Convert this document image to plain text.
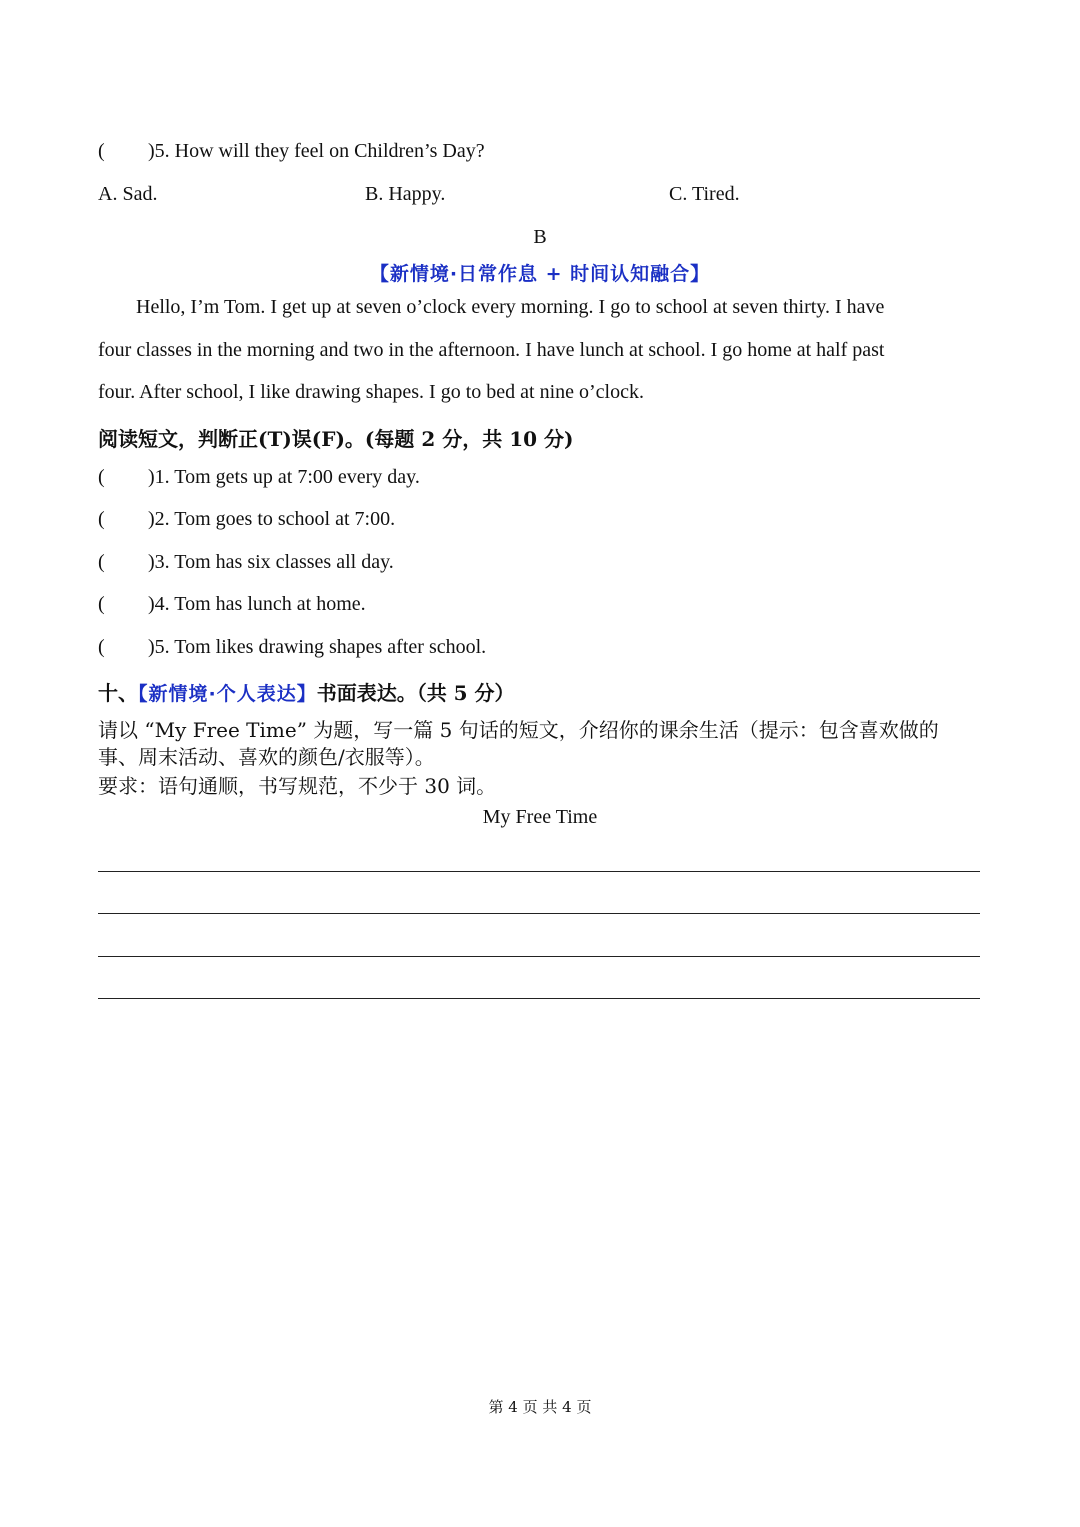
( )5. How will they feel on Children’s Day?
A. Sad.	B. Happy.	C. Tired.
B
【新情境·日常作息 + 时间认知融合】
Hello, I’m Tom. I get up at seven o’clock every morning. I go to school at seven thirty. I have
four classes in the morning and two in the afternoon. I have lunch at school. I go home at half past
four. After school, I like drawing shapes. I go to bed at nine o’clock.
阅读短文，判断正(T)误(F)。(每题 2 分，共 10 分)
( )1. Tom gets up at 7:00 every day.
( )2. Tom goes to school at 7:00.
( )3. Tom has six classes all day.
( )4. Tom has lunch at home.
( )5. Tom likes drawing shapes after school.
十、【新情境·个人表达】书面表达。（共 5 分）
请以 “My Free Time” 为题，写一篇 5 句话的短文，介绍你的课余生活（提示：包含喜欢做的
事、周末活动、喜欢的颜色/衣服等）。
要求：语句通顺，书写规范，不少于 30 词。
My Free Time
第 4 页 共 4 页
